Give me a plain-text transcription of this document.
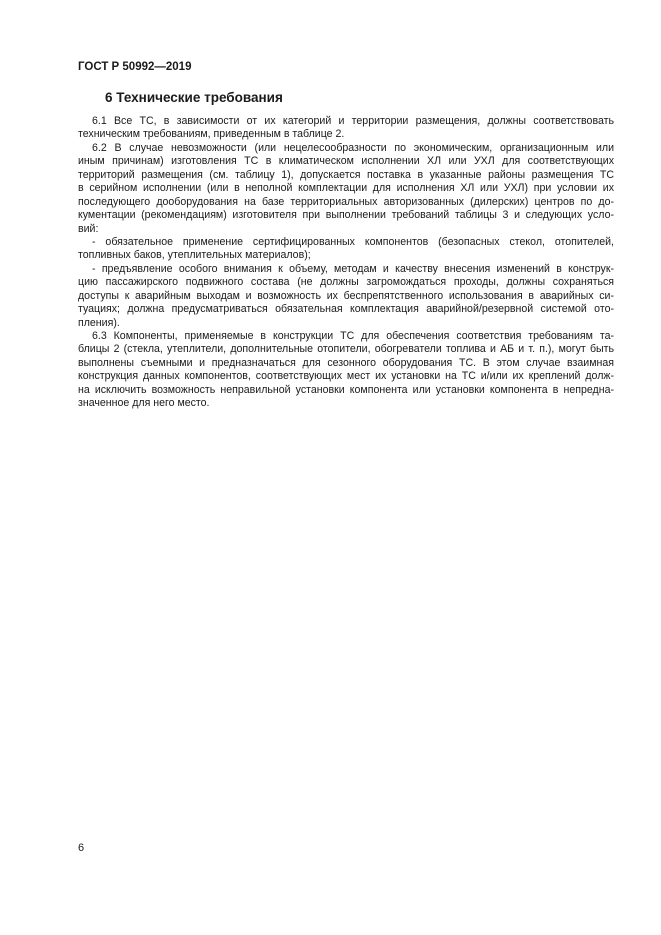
ГОСТ Р 50992—2019
6 Технические требования
6.1 Все ТС, в зависимости от их категорий и территории размещения, должны соответствовать
техническим требованиям, приведенным в таблице 2.
6.2 В случае невозможности (или нецелесообразности по экономическим, организационным или
иным причинам) изготовления ТС в климатическом исполнении ХЛ или УХЛ для соответствующих
территорий размещения (см. таблицу 1), допускается поставка в указанные районы размещения ТС
в серийном исполнении (или в неполной комплектации для исполнения ХЛ или УХЛ) при условии их
последующего дооборудования на базе территориальных авторизованных (дилерских) центров по до-
кументации (рекомендациям) изготовителя при выполнении требований таблицы 3 и следующих усло-
вий:
- обязательное применение сертифицированных компонентов (безопасных стекол, отопителей,
топливных баков, утеплительных материалов);
- предъявление особого внимания к объему, методам и качеству внесения изменений в конструк-
цию пассажирского подвижного состава (не должны загромождаться проходы, должны сохраняться
доступы к аварийным выходам и возможность их беспрепятственного использования в аварийных си-
туациях; должна предусматриваться обязательная комплектация аварийной/резервной системой ото-
пления).
6.3 Компоненты, применяемые в конструкции ТС для обеспечения соответствия требованиям та-
блицы 2 (стекла, утеплители, дополнительные отопители, обогреватели топлива и АБ и т. п.), могут быть
выполнены съемными и предназначаться для сезонного оборудования ТС. В этом случае взаимная
конструкция данных компонентов, соответствующих мест их установки на ТС и/или их креплений долж-
на исключить возможность неправильной установки компонента или установки компонента в непредна-
значенное для него место.
6
